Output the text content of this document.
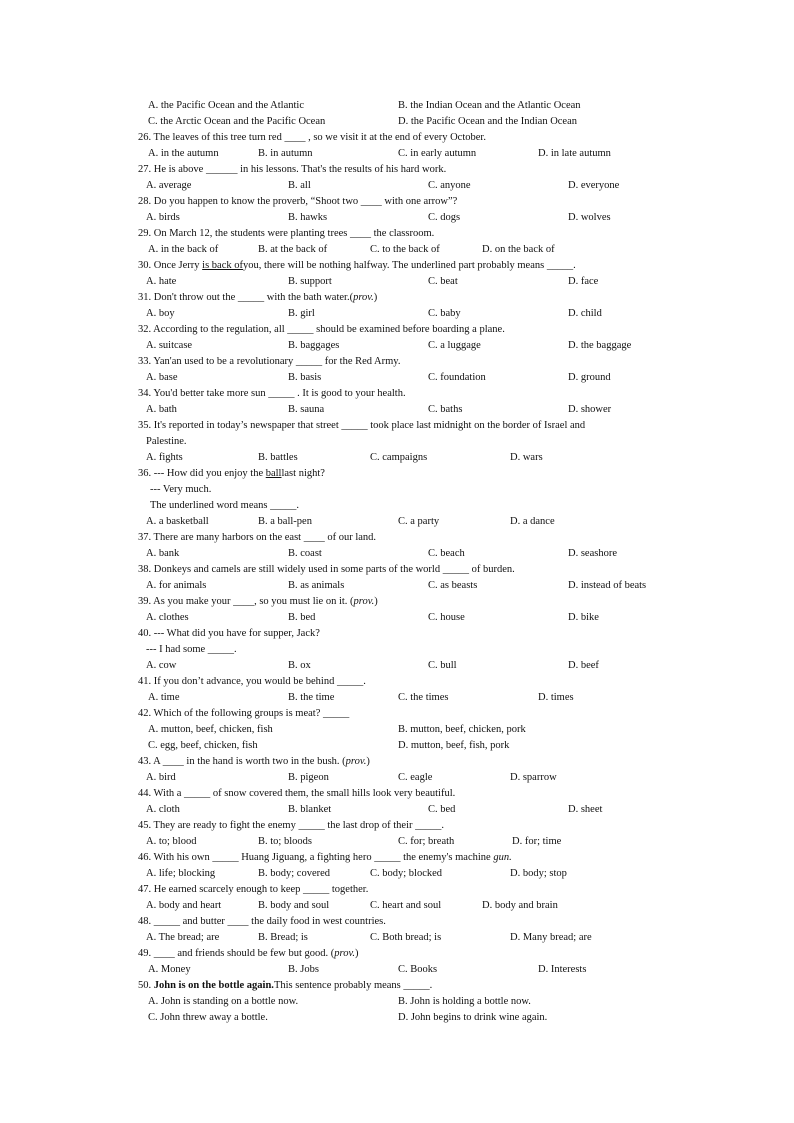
A. the Pacific Ocean and the Atlantic	B. the Indian Ocean and the Atlantic Ocean
C. the Arctic Ocean and the Pacific Ocean	D. the Pacific Ocean and the Indian Ocean
26. The leaves of this tree turn red ____ , so we visit it at the end of every October.
A. in the autumn	B. in autumn	C. in early autumn	D. in late autumn
27. He is above ______ in his lessons. That's the results of his hard work.
A. average	B. all	C. anyone	D. everyone
28. Do you happen to know the proverb, “Shoot two ____ with one arrow”?
A. birds	B. hawks	C. dogs	D. wolves
29. On March 12, the students were planting trees ____ the classroom.
A. in the back of	B. at the back of	C. to the back of	D. on the back of
30. Once Jerry is back of you, there will be nothing halfway. The underlined part probably means _____.
A. hate	B. support	C. beat	D. face
31. Don't throw out the _____ with the bath water.(prov. )
A. boy	B. girl	C. baby	D. child
32. According to the regulation, all _____ should be examined before boarding a plane.
A. suitcase	B. baggages	C. a luggage	D. the baggage
33. Yan'an used to be a revolutionary _____ for the Red Army.
A. base	B. basis	C. foundation	D. ground
34. You'd better take more sun _____ . It is good to your health.
A. bath	B. sauna	C. baths	D. shower
35. It's reported in today’s newspaper that street _____ took place last midnight on the border of Israel and
Palestine.
A. fights	B. battles	C. campaigns	D. wars
36. --- How did you enjoy the ball last night?
--- Very much.
The underlined word means _____.
A. a basketball	B. a ball-pen	C. a party	D. a dance
37. There are many harbors on the east ____ of our land.
A. bank	B. coast	C. beach	D. seashore
38. Donkeys and camels are still widely used in some parts of the world _____ of burden.
A. for animals	B. as animals	C. as beasts	D. instead of beats
39. As you make your ____, so you must lie on it. (prov. )
A. clothes	B. bed	C. house	D. bike
40. --- What did you have for supper, Jack?
--- I had some _____.
A. cow	B. ox	C. bull	D. beef
41. If you don’t advance, you would be behind _____.
A. time	B. the time	C. the times	D. times
42. Which of the following groups is meat? _____
A. mutton, beef, chicken, fish	B. mutton, beef, chicken, pork
C. egg, beef, chicken, fish	D. mutton, beef, fish, pork
43. A ____ in the hand is worth two in the bush. (prov. )
A. bird	B. pigeon	C. eagle	D. sparrow
44. With a _____ of snow covered them, the small hills look very beautiful.
A. cloth	B. blanket	C. bed	D. sheet
45. They are ready to fight the enemy _____ the last drop of their _____.
A. to; blood	B. to; bloods	C. for; breath	D. for; time
46. With his own _____ Huang Jiguang, a fighting hero _____ the enemy's machine gun.
A. life; blocking	B. body; covered	C. body; blocked	D. body; stop
47. He earned scarcely enough to keep _____ together.
A. body and heart	B. body and soul	C. heart and soul	D. body and brain
48. _____ and butter ____ the daily food in west countries.
A. The bread; are	B. Bread; is	C. Both bread; is	D. Many bread; are
49. ____ and friends should be few but good. (prov. )
A. Money	B. Jobs	C. Books	D. Interests
50. John is on the bottle again. This sentence probably means _____.
A. John is standing on a bottle now.	B. John is holding a bottle now.
C. John threw away a bottle.	D. John begins to drink wine again.
